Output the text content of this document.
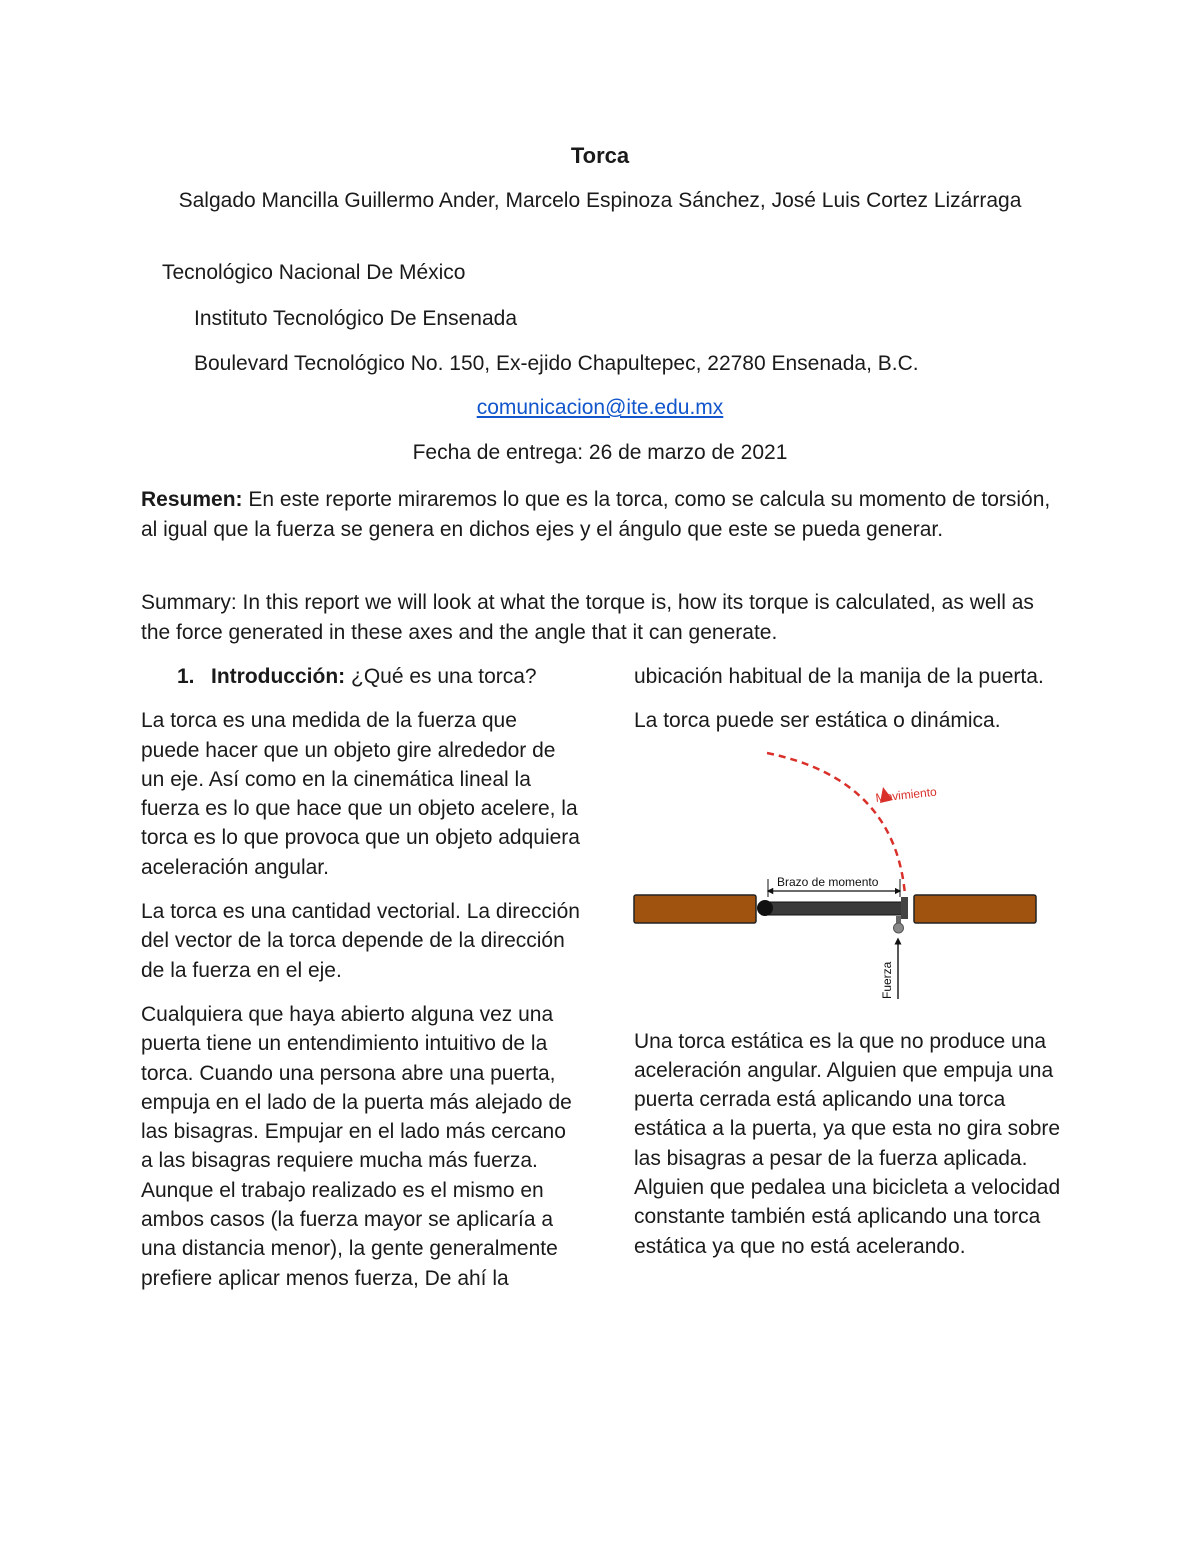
Torca
Salgado Mancilla Guillermo Ander, Marcelo Espinoza Sánchez, José Luis Cortez Lizárraga
Tecnológico Nacional De México
Instituto Tecnológico De Ensenada
Boulevard Tecnológico No. 150, Ex-ejido Chapultepec, 22780 Ensenada, B.C.
comunicacion@ite.edu.mx
Fecha de entrega: 26 de marzo de 2021
Resumen: En este reporte miraremos lo que es la torca, como se calcula su momento de torsión, al igual que la fuerza se genera en dichos ejes y el ángulo que este se pueda generar.
Summary: In this report we will look at what the torque is, how its torque is calculated, as well as the force generated in these axes and the angle that it can generate.
1. Introducción: ¿Qué es una torca?

La torca es una medida de la fuerza que puede hacer que un objeto gire alrededor de un eje. Así como en la cinemática lineal la fuerza es lo que hace que un objeto acelere, la torca es lo que provoca que un objeto adquiera aceleración angular.

La torca es una cantidad vectorial. La dirección del vector de la torca depende de la dirección de la fuerza en el eje.

Cualquiera que haya abierto alguna vez una puerta tiene un entendimiento intuitivo de la torca. Cuando una persona abre una puerta, empuja en el lado de la puerta más alejado de las bisagras. Empujar en el lado más cercano a las bisagras requiere mucha más fuerza. Aunque el trabajo realizado es el mismo en ambos casos (la fuerza mayor se aplicaría a una distancia menor), la gente generalmente prefiere aplicar menos fuerza, De ahí la

ubicación habitual de la manija de la puerta.

La torca puede ser estática o dinámica.

Movimiento
Brazo de momento
Fuerza

Una torca estática es la que no produce una aceleración angular. Alguien que empuja una puerta cerrada está aplicando una torca estática a la puerta, ya que esta no gira sobre las bisagras a pesar de la fuerza aplicada. Alguien que pedalea una bicicleta a velocidad constante también está aplicando una torca estática ya que no está acelerando.
